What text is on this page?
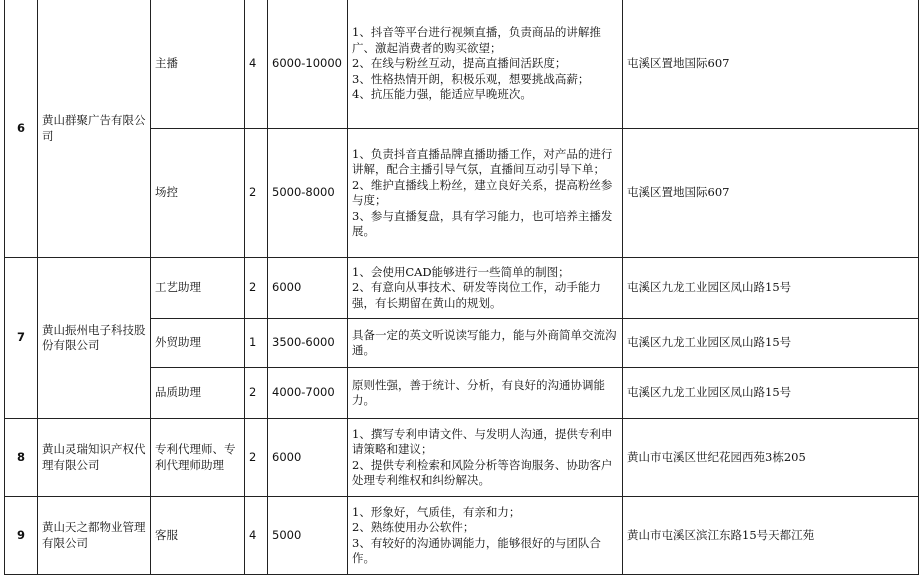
6	黄山群聚广告有限公司	主播	4	6000-10000	1、抖音等平台进行视频直播，负责商品的讲解推广、激起消费者的购买欲望；
2、在线与粉丝互动，提高直播间活跃度；
3、性格热情开朗，积极乐观，想要挑战高薪；
4、抗压能力强，能适应早晚班次。	屯溪区置地国际607
		场控	2	5000-8000	1、负责抖音直播品牌直播助播工作，对产品的进行讲解，配合主播引导气氛，直播间互动引导下单；
2、维护直播线上粉丝，建立良好关系，提高粉丝参与度；
3、参与直播复盘，具有学习能力，也可培养主播发展。	屯溪区置地国际607
7	黄山振州电子科技股份有限公司	工艺助理	2	6000	1、会使用CAD能够进行一些简单的制图；
2、有意向从事技术、研发等岗位工作，动手能力强，有长期留在黄山的规划。	屯溪区九龙工业园区凤山路15号
		外贸助理	1	3500-6000	具备一定的英文听说读写能力，能与外商简单交流沟通。	屯溪区九龙工业园区凤山路15号
		品质助理	2	4000-7000	原则性强，善于统计、分析，有良好的沟通协调能力。	屯溪区九龙工业园区凤山路15号
8	黄山灵瑞知识产权代理有限公司	专利代理师、专利代理师助理	2	6000	1、撰写专利申请文件、与发明人沟通，提供专利申请策略和建议；
2、提供专利检索和风险分析等咨询服务、协助客户处理专利维权和纠纷解决。	黄山市屯溪区世纪花园西苑3栋205
9	黄山天之都物业管理有限公司	客服	4	5000	1、形象好，气质佳，有亲和力；
2、熟练使用办公软件；
3、有较好的沟通协调能力，能够很好的与团队合作。	黄山市屯溪区滨江东路15号天都江苑
